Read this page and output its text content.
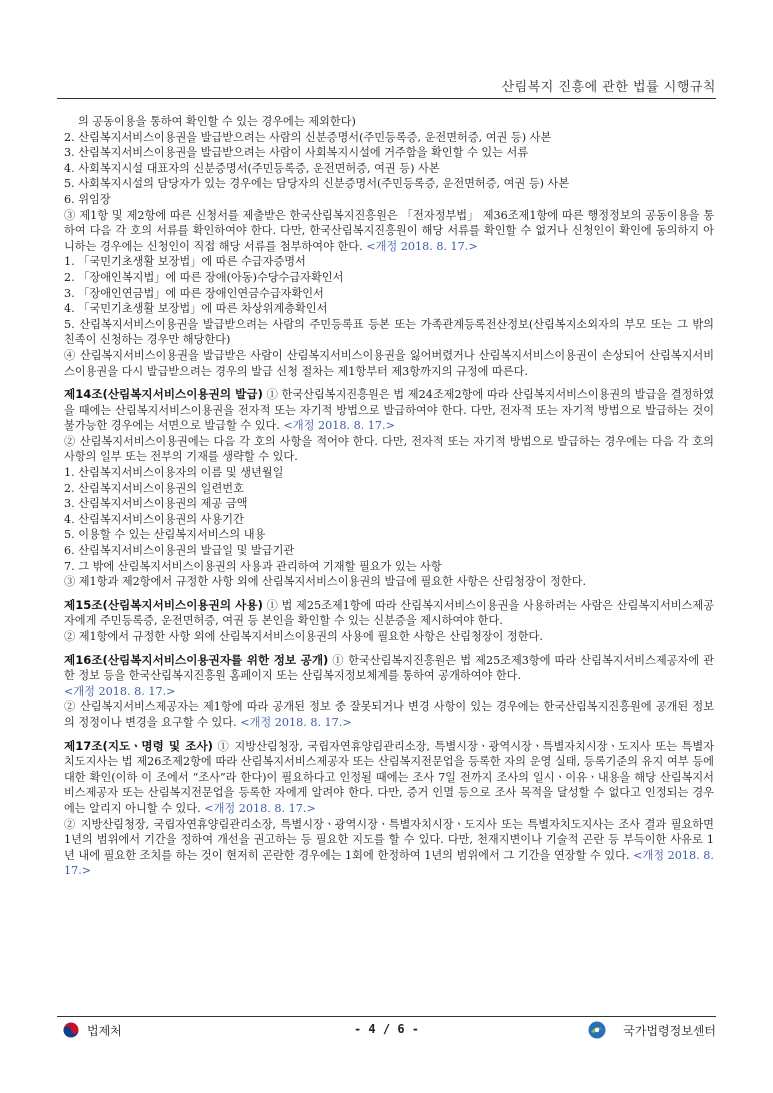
산림복지 진흥에 관한 법률 시행규칙

의 공동이용을 통하여 확인할 수 있는 경우에는 제외한다)

2. 산림복지서비스이용권을 발급받으려는 사람의 신분증명서(주민등록증, 운전면허증, 여권 등) 사본

3. 산림복지서비스이용권을 발급받으려는 사람이 사회복지시설에 거주함을 확인할 수 있는 서류

4. 사회복지시설 대표자의 신분증명서(주민등록증, 운전면허증, 여권 등) 사본

5. 사회복지시설의 담당자가 있는 경우에는 담당자의 신분증명서(주민등록증, 운전면허증, 여권 등) 사본

6. 위임장

③ 제1항 및 제2항에 따른 신청서를 제출받은 한국산림복지진흥원은 「전자정부법」 제36조제1항에 따른 행정정보의 공동이용을 통하여 다음 각 호의 서류를 확인하여야 한다. 다만, 한국산림복지진흥원이 해당 서류를 확인할 수 없거나 신청인이 확인에 동의하지 아니하는 경우에는 신청인이 직접 해당 서류를 첨부하여야 한다. <개정 2018. 8. 17.>

1. 「국민기초생활 보장법」에 따른 수급자증명서

2. 「장애인복지법」에 따른 장애(아동)수당수급자확인서

3. 「장애인연금법」에 따른 장애인연금수급자확인서

4. 「국민기초생활 보장법」에 따른 차상위계층확인서

5. 산림복지서비스이용권을 발급받으려는 사람의 주민등록표 등본 또는 가족관계등록전산정보(산림복지소외자의 부모 또는 그 밖의 친족이 신청하는 경우만 해당한다)

④ 산림복지서비스이용권을 발급받은 사람이 산림복지서비스이용권을 잃어버렸거나 산림복지서비스이용권이 손상되어 산림복지서비스이용권을 다시 발급받으려는 경우의 발급 신청 절차는 제1항부터 제3항까지의 규정에 따른다.

제14조(산림복지서비스이용권의 발급) ① 한국산림복지진흥원은 법 제24조제2항에 따라 산림복지서비스이용권의 발급을 결정하였을 때에는 산림복지서비스이용권을 전자적 또는 자기적 방법으로 발급하여야 한다. 다만, 전자적 또는 자기적 방법으로 발급하는 것이 불가능한 경우에는 서면으로 발급할 수 있다. <개정 2018. 8. 17.>

② 산림복지서비스이용권에는 다음 각 호의 사항을 적어야 한다. 다만, 전자적 또는 자기적 방법으로 발급하는 경우에는 다음 각 호의 사항의 일부 또는 전부의 기재를 생략할 수 있다.

1. 산림복지서비스이용자의 이름 및 생년월일

2. 산림복지서비스이용권의 일련번호

3. 산림복지서비스이용권의 제공 금액

4. 산림복지서비스이용권의 사용기간

5. 이용할 수 있는 산림복지서비스의 내용

6. 산림복지서비스이용권의 발급일 및 발급기관

7. 그 밖에 산림복지서비스이용권의 사용과 관리하여 기재할 필요가 있는 사항

③ 제1항과 제2항에서 규정한 사항 외에 산림복지서비스이용권의 발급에 필요한 사항은 산림청장이 정한다.

제15조(산림복지서비스이용권의 사용) ① 법 제25조제1항에 따라 산림복지서비스이용권을 사용하려는 사람은 산림복지서비스제공자에게 주민등록증, 운전면허증, 여권 등 본인을 확인할 수 있는 신분증을 제시하여야 한다.

② 제1항에서 규정한 사항 외에 산림복지서비스이용권의 사용에 필요한 사항은 산림청장이 정한다.

제16조(산림복지서비스이용권자를 위한 정보 공개) ① 한국산림복지진흥원은 법 제25조제3항에 따라 산림복지서비스제공자에 관한 정보 등을 한국산림복지진흥원 홈페이지 또는 산림복지정보체계를 통하여 공개하여야 한다.
<개정 2018. 8. 17.>

② 산림복지서비스제공자는 제1항에 따라 공개된 정보 중 잘못되거나 변경 사항이 있는 경우에는 한국산림복지진흥원에 공개된 정보의 정정이나 변경을 요구할 수 있다. <개정 2018. 8. 17.>

제17조(지도ㆍ명령 및 조사) ① 지방산림청장, 국립자연휴양림관리소장, 특별시장ㆍ광역시장ㆍ특별자치시장ㆍ도지사 또는 특별자치도지사는 법 제26조제2항에 따라 산림복지서비스제공자 또는 산림복지전문업을 등록한 자의 운영 실태, 등록기준의 유지 여부 등에 대한 확인(이하 이 조에서 “조사”라 한다)이 필요하다고 인정될 때에는 조사 7일 전까지 조사의 일시ㆍ이유ㆍ내용을 해당 산림복지서비스제공자 또는 산림복지전문업을 등록한 자에게 알려야 한다. 다만, 증거 인멸 등으로 조사 목적을 달성할 수 없다고 인정되는 경우에는 알리지 아니할 수 있다. <개정 2018. 8. 17.>

② 지방산림청장, 국립자연휴양림관리소장, 특별시장ㆍ광역시장ㆍ특별자치시장ㆍ도지사 또는 특별자치도지사는 조사 결과 필요하면 1년의 범위에서 기간을 정하여 개선을 권고하는 등 필요한 지도를 할 수 있다. 다만, 천재지변이나 기술적 곤란 등 부득이한 사유로 1년 내에 필요한 조치를 하는 것이 현저히 곤란한 경우에는 1회에 한정하여 1년의 범위에서 그 기간을 연장할 수 있다. <개정 2018. 8. 17.>

법제처	- 4 / 6 -	국가법령정보센터
